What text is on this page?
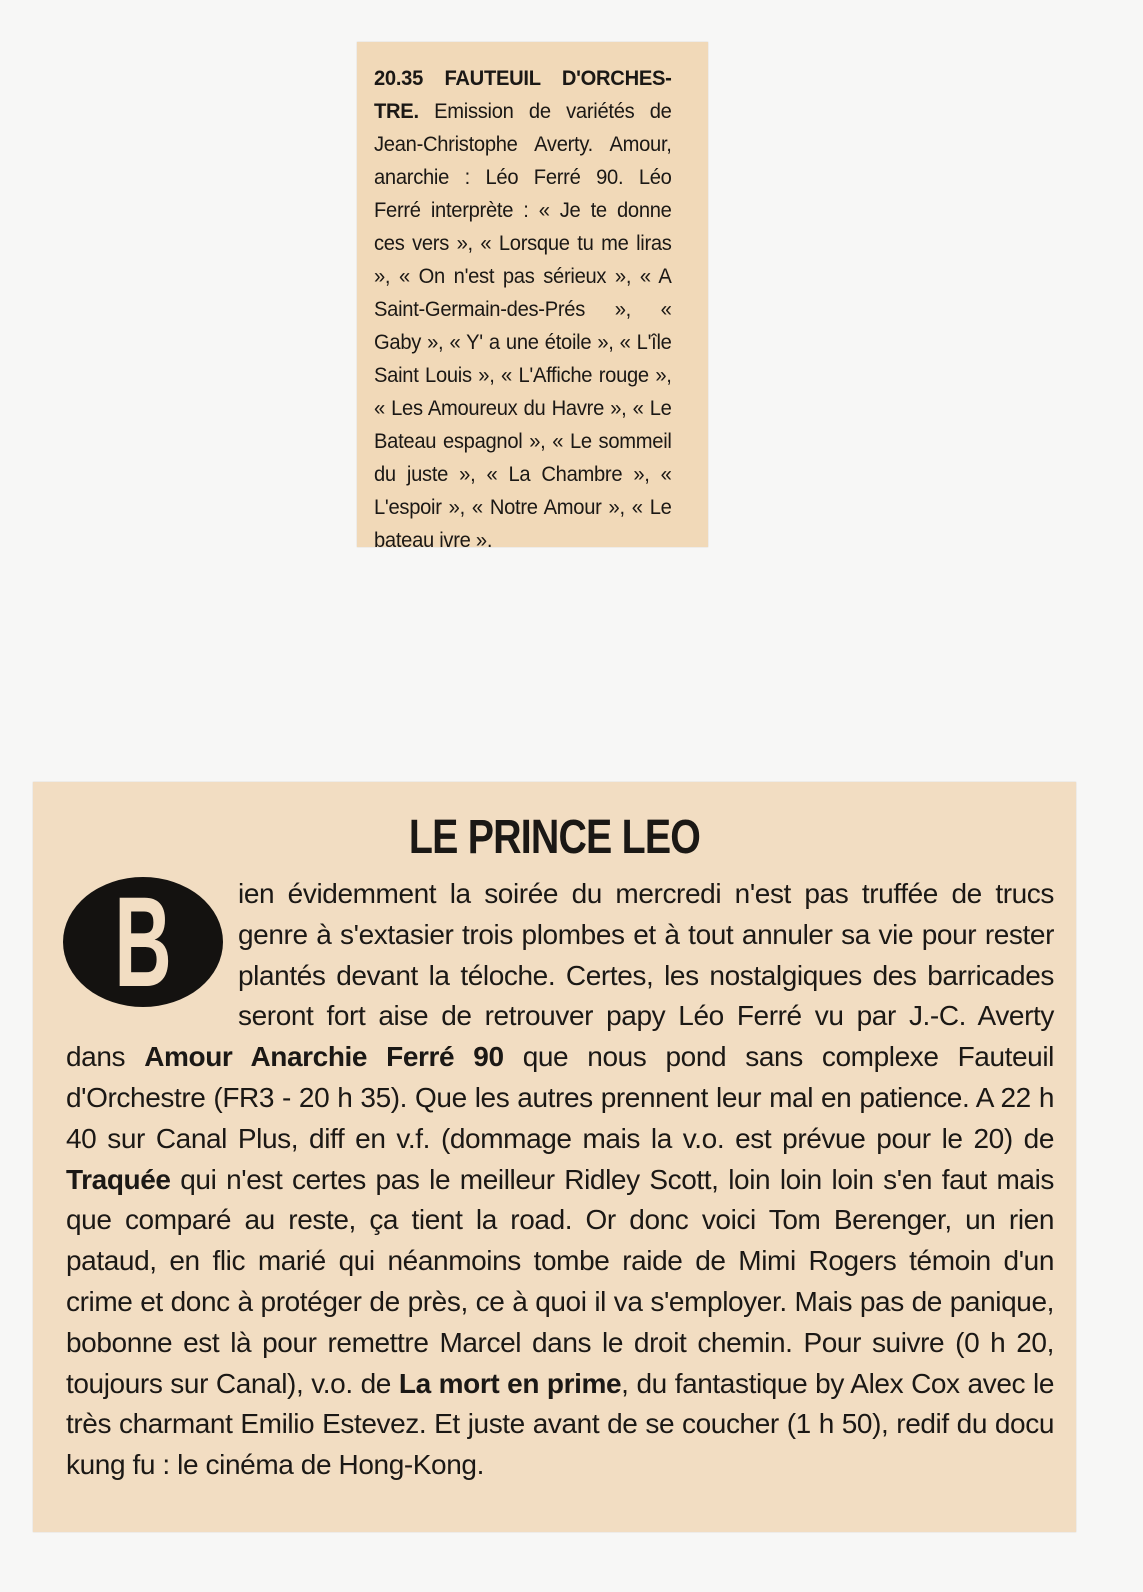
20.35 FAUTEUIL D'ORCHES-TRE. Emission de variétés de Jean-Christophe Averty. Amour, anarchie : Léo Ferré 90. Léo Ferré interprète : « Je te donne ces vers », « Lorsque tu me liras », « On n'est pas sérieux », « A Saint-Germain-des-Prés », « Gaby », « Y' a une étoile », « L'île Saint Louis », « L'Affiche rouge », « Les Amoureux du Havre », « Le Bateau espagnol », « Le sommeil du juste », « La Chambre », « L'espoir », « Notre Amour », « Le bateau ivre ».
LE PRINCE LEO
B	ien évidemment la soirée du mercredi n'est pas truffée de trucs genre à s'extasier trois plombes et à tout annuler sa vie pour rester plantés devant la téloche. Certes, les nostalgiques des barricades seront fort aise de retrouver papy Léo Ferré vu par J.-C. Averty dans Amour Anarchie Ferré 90 que nous pond sans complexe Fauteuil d'Orchestre (FR3 - 20 h 35). Que les autres prennent leur mal en patience. A 22 h 40 sur Canal Plus, diff en v.f. (dommage mais la v.o. est prévue pour le 20) de Traquée qui n'est certes pas le meilleur Ridley Scott, loin loin loin s'en faut mais que comparé au reste, ça tient la road. Or donc voici Tom Berenger, un rien pataud, en flic marié qui néanmoins tombe raide de Mimi Rogers témoin d'un crime et donc à protéger de près, ce à quoi il va s'employer. Mais pas de panique, bobonne est là pour remettre Marcel dans le droit chemin. Pour suivre (0 h 20, toujours sur Canal), v.o. de La mort en prime, du fantastique by Alex Cox avec le très charmant Emilio Estevez. Et juste avant de se coucher (1 h 50), redif du docu kung fu : le cinéma de Hong-Kong.
